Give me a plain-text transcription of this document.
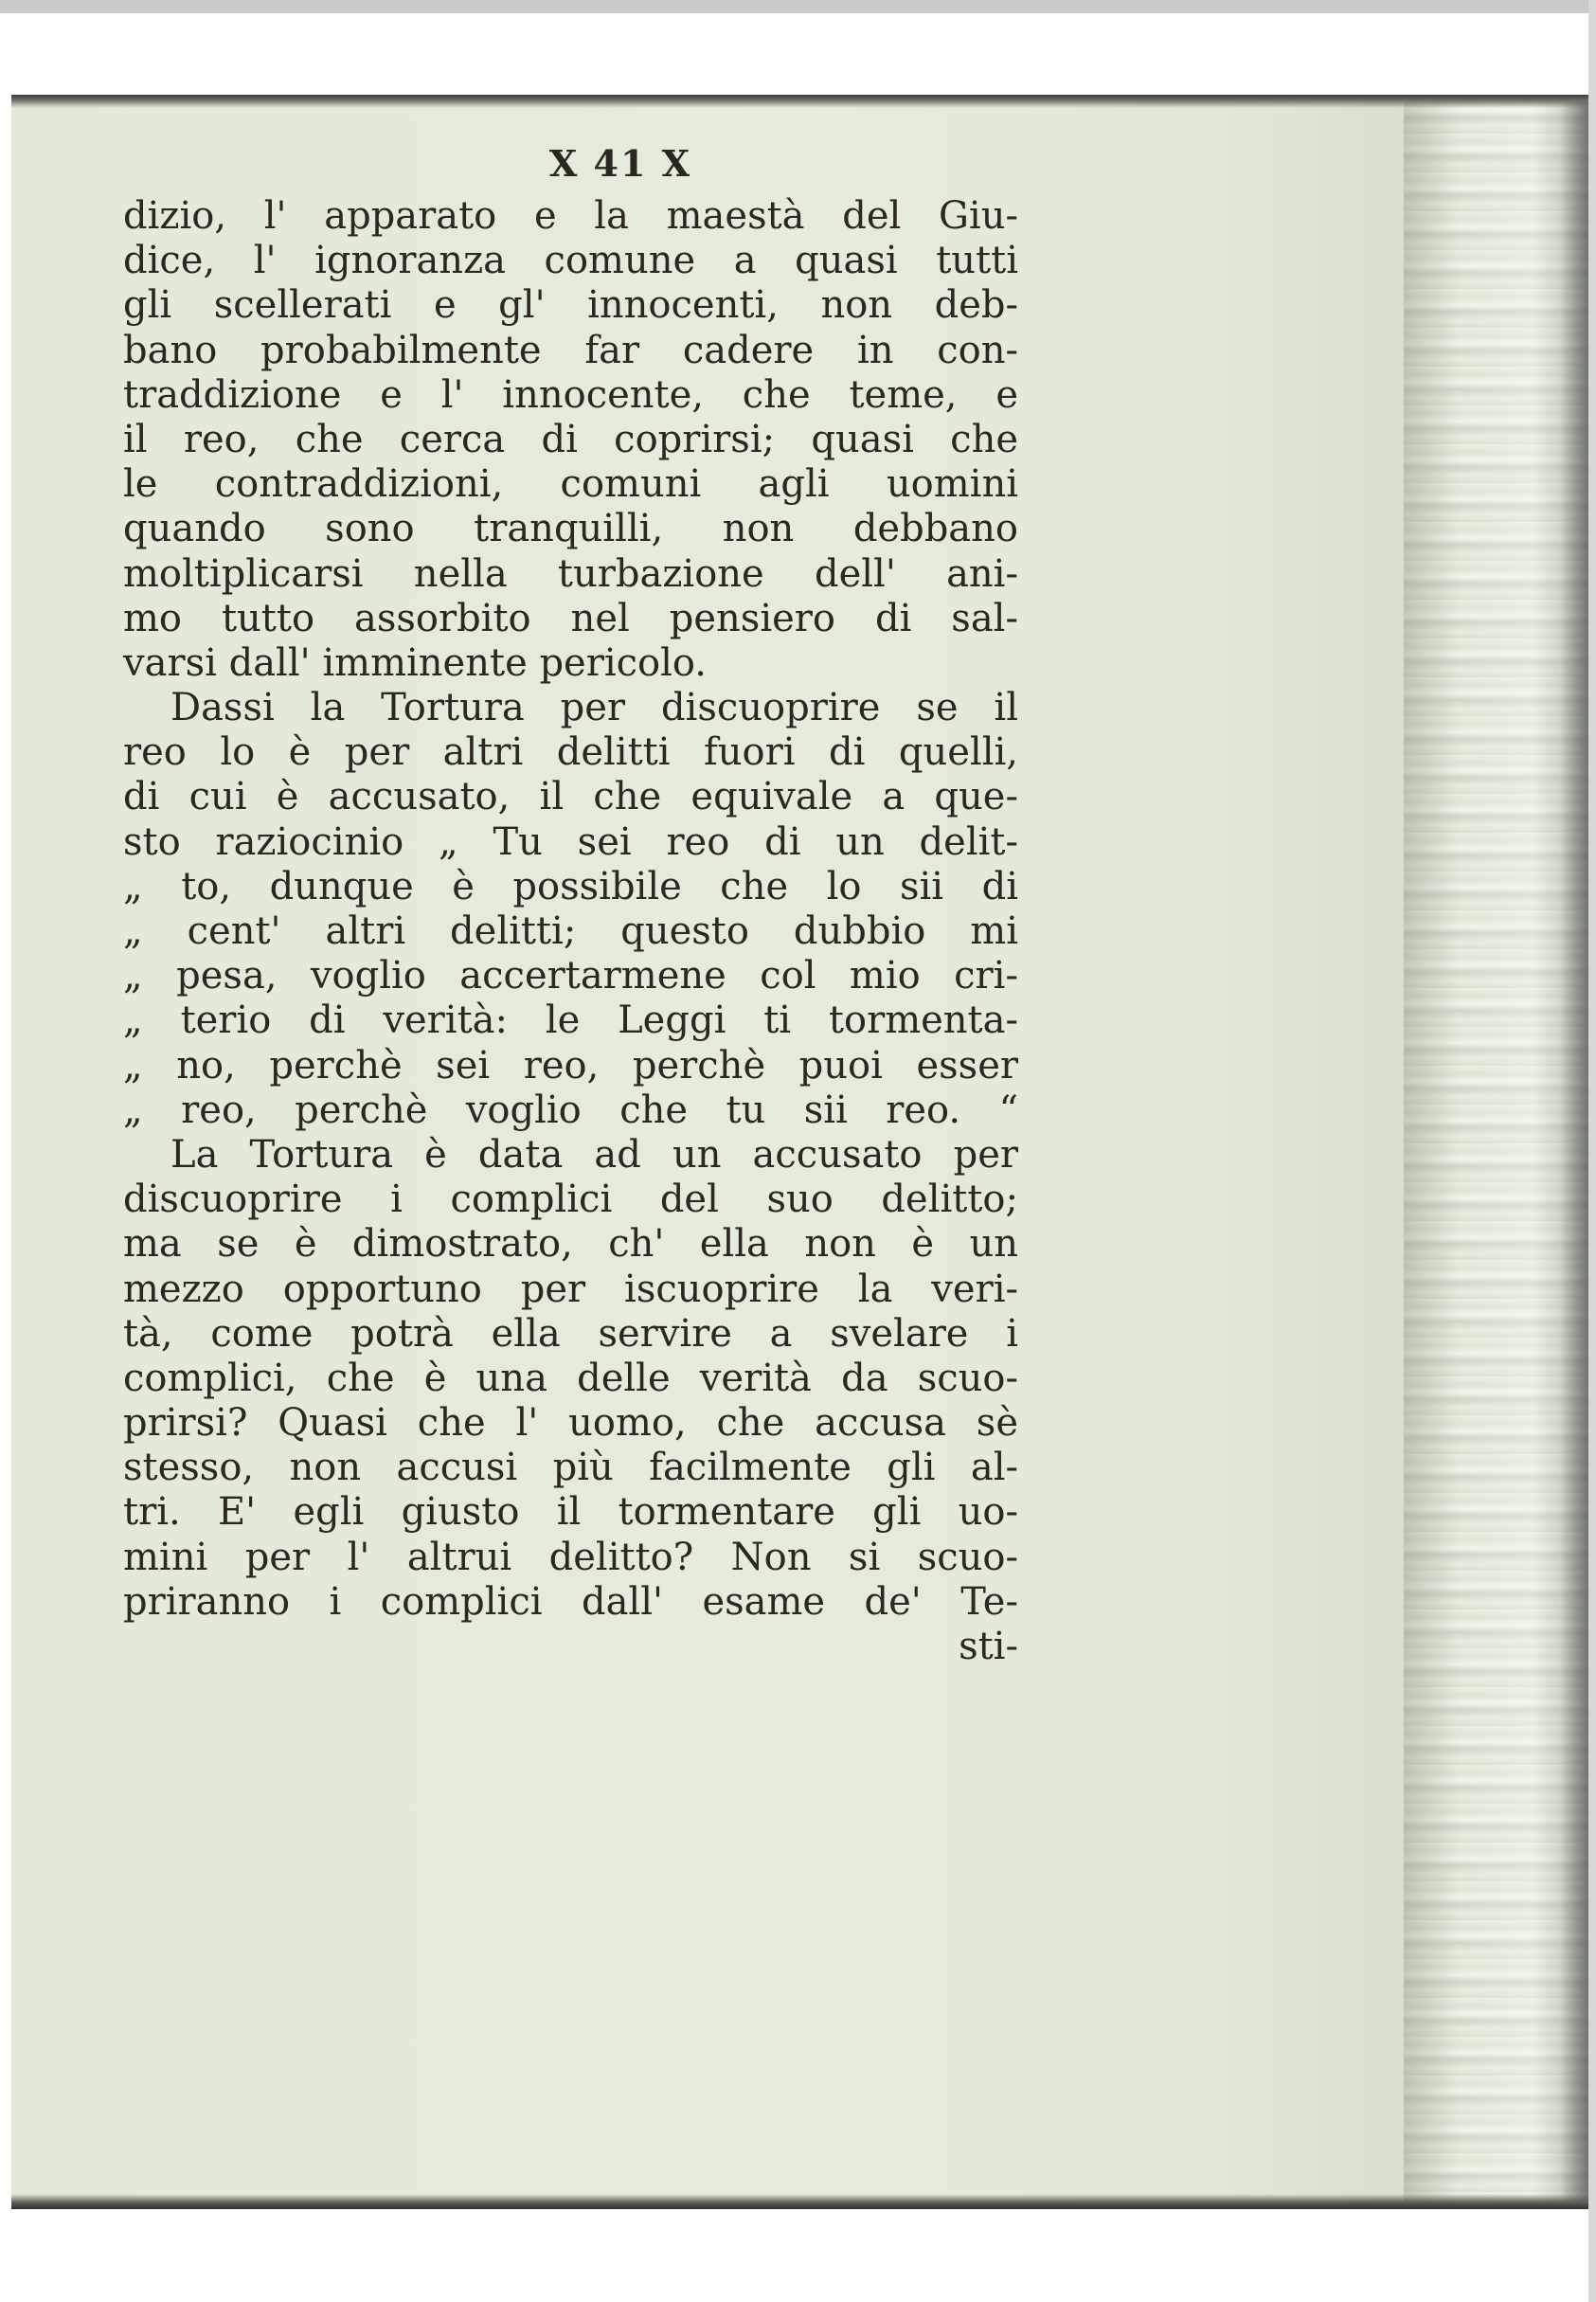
X 41 X
dizio, l' apparato e la maestà del Giu-
dice, l' ignoranza comune a quasi tutti
gli scellerati e gl' innocenti, non deb-
bano probabilmente far cadere in con-
traddizione e l' innocente, che teme, e
il reo, che cerca di coprirsi; quasi che
le contraddizioni, comuni agli uomini
quando sono tranquilli, non debbano
moltiplicarsi nella turbazione dell' ani-
mo tutto assorbito nel pensiero di sal-
varsi dall' imminente pericolo.
Dassi la Tortura per discuoprire se il
reo lo è per altri delitti fuori di quelli,
di cui è accusato, il che equivale a que-
sto raziocinio „ Tu sei reo di un delit-
„ to, dunque è possibile che lo sii di
„ cent' altri delitti; questo dubbio mi
„ pesa, voglio accertarmene col mio cri-
„ terio di verità: le Leggi ti tormenta-
„ no, perchè sei reo, perchè puoi esser
„ reo, perchè voglio che tu sii reo. “
La Tortura è data ad un accusato per
discuoprire i complici del suo delitto;
ma se è dimostrato, ch' ella non è un
mezzo opportuno per iscuoprire la veri-
tà, come potrà ella servire a svelare i
complici, che è una delle verità da scuo-
prirsi? Quasi che l' uomo, che accusa sè
stesso, non accusi più facilmente gli al-
tri. E' egli giusto il tormentare gli uo-
mini per l' altrui delitto? Non si scuo-
priranno i complici dall' esame de' Te-
sti-
